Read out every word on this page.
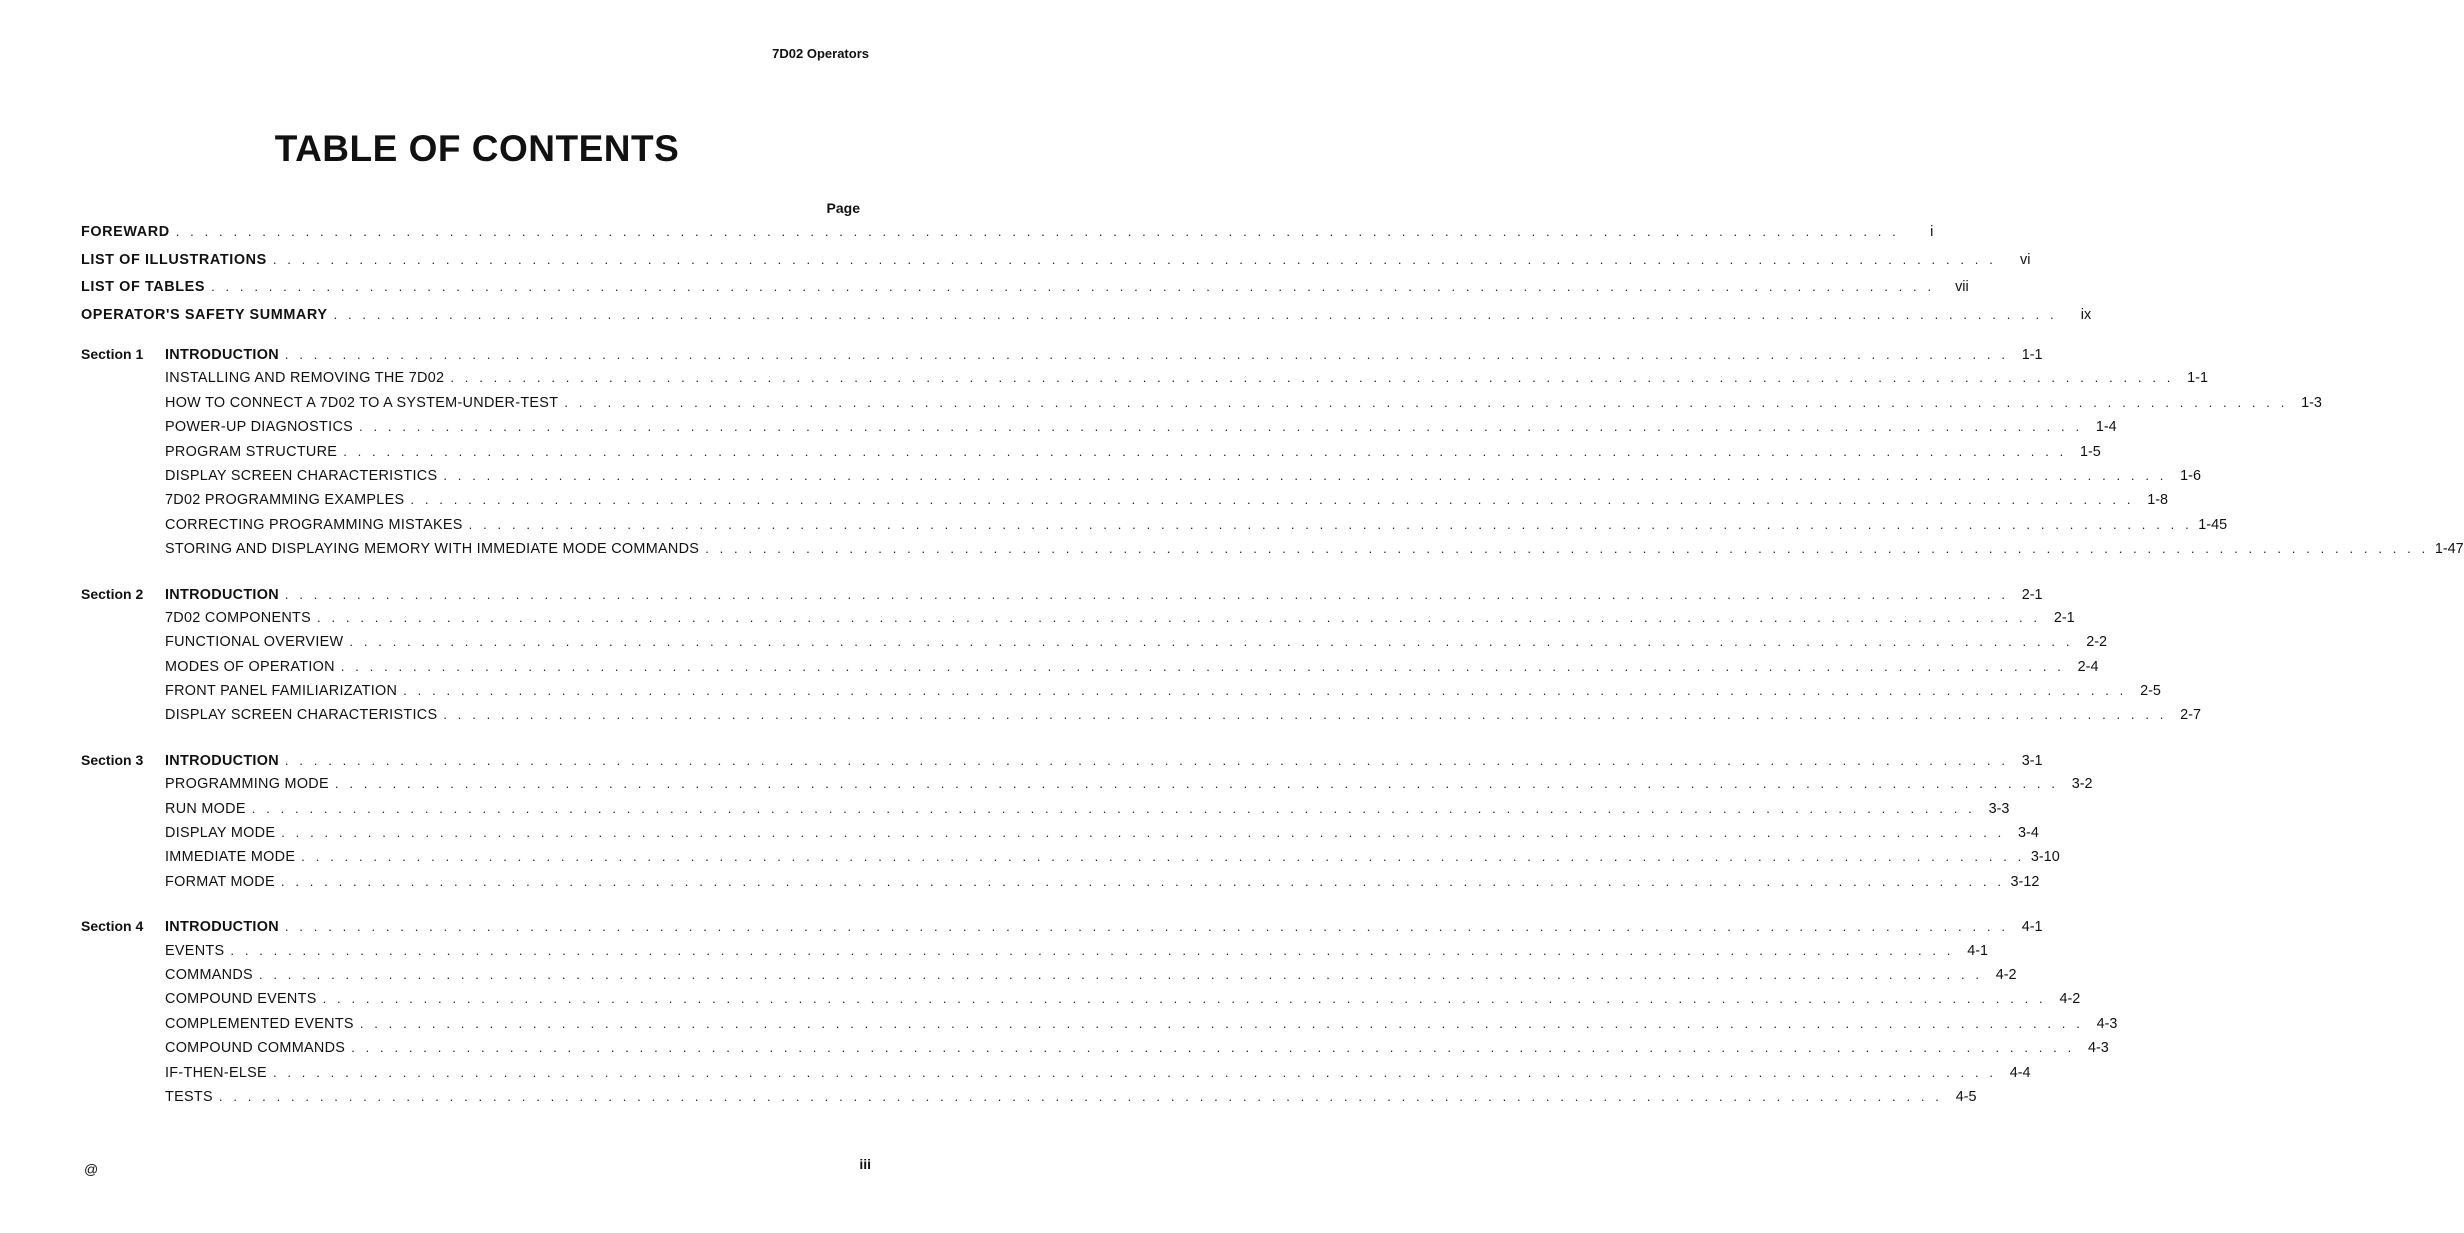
7D02 Operators
TABLE OF CONTENTS
Page
FOREWARD . . . . . . . . . . . . . . . . . . . . . . . . . . . . . . . . . . . . . . . . . . . . . . . . . . . . . . . . . . . . . . . . . . . . . . . . . . . . . . . . . . . . . . . . . . . . . . . . . . . . . . . . . . . . . . . . . . . . . . . .	i
LIST OF ILLUSTRATIONS . . . . . . . . . . . . . . . . . . . . . . . . . . . . . . . . . . . . . . . . . . . . . . . . . . . . . . . . . . . . . . . . . . . . . . . . . . . . . . . . . . . . . . . . . . . . . . . . . . . . . . . . . . . . . . . . . . . . . . . .	vi
LIST OF TABLES . . . . . . . . . . . . . . . . . . . . . . . . . . . . . . . . . . . . . . . . . . . . . . . . . . . . . . . . . . . . . . . . . . . . . . . . . . . . . . . . . . . . . . . . . . . . . . . . . . . . . . . . . . . . . . . . . . . . . . . .	vii
OPERATOR'S SAFETY SUMMARY . . . . . . . . . . . . . . . . . . . . . . . . . . . . . . . . . . . . . . . . . . . . . . . . . . . . . . . . . . . . . . . . . . . . . . . . . . . . . . . . . . . . . . . . . . . . . . . . . . . . . . . . . . . . . . . . . . . . . . . .	ix
Section 1	INTRODUCTION . . . . . . . . . . . . . . . . . . . . . . . . . . . . . . . . . . . . . . . . . . . . . . . . . . . . . . . . . . . . . . . . . . . . . . . . . . . . . . . . . . . . . . . . . . . . . . . . . . . . . . . . . . . . . . . . . . . . . . . . 1-1
INSTALLING AND REMOVING THE 7D02 . . . . . . . . . . . . . . . . . . . . . . . . . . . . . . . . . . . . . . . . . . . . . . . . . . . . . . . . . . . . . . . . . . . . . . . . . . . . . . . . . . . . . . . . . . . . . . . . . . . . . . . . . . . . . . . . . . . . . . . . 1-1
HOW TO CONNECT A 7D02 TO A SYSTEM-UNDER-TEST . . . . . . . . . . . . . . . . . . . . . . . . . . . . . . . . . . . . . . . . . . . . . . . . . . . . . . . . . . . . . . . . . . . . . . . . . . . . . . . . . . . . . . . . . . . . . . . . . . . . . . . . . . . . . . . . . . . . . . . . 1-3
POWER-UP DIAGNOSTICS . . . . . . . . . . . . . . . . . . . . . . . . . . . . . . . . . . . . . . . . . . . . . . . . . . . . . . . . . . . . . . . . . . . . . . . . . . . . . . . . . . . . . . . . . . . . . . . . . . . . . . . . . . . . . . . . . . . . . . . . 1-4
PROGRAM STRUCTURE . . . . . . . . . . . . . . . . . . . . . . . . . . . . . . . . . . . . . . . . . . . . . . . . . . . . . . . . . . . . . . . . . . . . . . . . . . . . . . . . . . . . . . . . . . . . . . . . . . . . . . . . . . . . . . . . . . . . . . . . 1-5
DISPLAY SCREEN CHARACTERISTICS . . . . . . . . . . . . . . . . . . . . . . . . . . . . . . . . . . . . . . . . . . . . . . . . . . . . . . . . . . . . . . . . . . . . . . . . . . . . . . . . . . . . . . . . . . . . . . . . . . . . . . . . . . . . . . . . . . . . . . . . 1-6
7D02 PROGRAMMING EXAMPLES . . . . . . . . . . . . . . . . . . . . . . . . . . . . . . . . . . . . . . . . . . . . . . . . . . . . . . . . . . . . . . . . . . . . . . . . . . . . . . . . . . . . . . . . . . . . . . . . . . . . . . . . . . . . . . . . . . . . . . . . 1-8
CORRECTING PROGRAMMING MISTAKES . . . . . . . . . . . . . . . . . . . . . . . . . . . . . . . . . . . . . . . . . . . . . . . . . . . . . . . . . . . . . . . . . . . . . . . . . . . . . . . . . . . . . . . . . . . . . . . . . . . . . . . . . . . . . . . . . . . . . . . . 1-45
STORING AND DISPLAYING MEMORY WITH IMMEDIATE MODE COMMANDS . . . . . . . . . . . . . . . . . . . . . . . . . . . . . . . . . . . . . . . . . . . . . . . . . . . . . . . . . . . . . . . . . . . . . . . . . . . . . . . . . . . . . . . . . . . . . . . . . . . . . . . . . . . . . . . . . . . . . . . . 1-47
Section 2	INTRODUCTION . . . . . . . . . . . . . . . . . . . . . . . . . . . . . . . . . . . . . . . . . . . . . . . . . . . . . . . . . . . . . . . . . . . . . . . . . . . . . . . . . . . . . . . . . . . . . . . . . . . . . . . . . . . . . . . . . . . . . . . . 2-1
7D02 COMPONENTS . . . . . . . . . . . . . . . . . . . . . . . . . . . . . . . . . . . . . . . . . . . . . . . . . . . . . . . . . . . . . . . . . . . . . . . . . . . . . . . . . . . . . . . . . . . . . . . . . . . . . . . . . . . . . . . . . . . . . . . . 2-1
FUNCTIONAL OVERVIEW . . . . . . . . . . . . . . . . . . . . . . . . . . . . . . . . . . . . . . . . . . . . . . . . . . . . . . . . . . . . . . . . . . . . . . . . . . . . . . . . . . . . . . . . . . . . . . . . . . . . . . . . . . . . . . . . . . . . . . . . 2-2
MODES OF OPERATION . . . . . . . . . . . . . . . . . . . . . . . . . . . . . . . . . . . . . . . . . . . . . . . . . . . . . . . . . . . . . . . . . . . . . . . . . . . . . . . . . . . . . . . . . . . . . . . . . . . . . . . . . . . . . . . . . . . . . . . . 2-4
FRONT PANEL FAMILIARIZATION . . . . . . . . . . . . . . . . . . . . . . . . . . . . . . . . . . . . . . . . . . . . . . . . . . . . . . . . . . . . . . . . . . . . . . . . . . . . . . . . . . . . . . . . . . . . . . . . . . . . . . . . . . . . . . . . . . . . . . . . 2-5
DISPLAY SCREEN CHARACTERISTICS . . . . . . . . . . . . . . . . . . . . . . . . . . . . . . . . . . . . . . . . . . . . . . . . . . . . . . . . . . . . . . . . . . . . . . . . . . . . . . . . . . . . . . . . . . . . . . . . . . . . . . . . . . . . . . . . . . . . . . . . 2-7
Section 3	INTRODUCTION . . . . . . . . . . . . . . . . . . . . . . . . . . . . . . . . . . . . . . . . . . . . . . . . . . . . . . . . . . . . . . . . . . . . . . . . . . . . . . . . . . . . . . . . . . . . . . . . . . . . . . . . . . . . . . . . . . . . . . . . 3-1
PROGRAMMING MODE . . . . . . . . . . . . . . . . . . . . . . . . . . . . . . . . . . . . . . . . . . . . . . . . . . . . . . . . . . . . . . . . . . . . . . . . . . . . . . . . . . . . . . . . . . . . . . . . . . . . . . . . . . . . . . . . . . . . . . . . 3-2
RUN MODE . . . . . . . . . . . . . . . . . . . . . . . . . . . . . . . . . . . . . . . . . . . . . . . . . . . . . . . . . . . . . . . . . . . . . . . . . . . . . . . . . . . . . . . . . . . . . . . . . . . . . . . . . . . . . . . . . . . . . . . . 3-3
DISPLAY MODE . . . . . . . . . . . . . . . . . . . . . . . . . . . . . . . . . . . . . . . . . . . . . . . . . . . . . . . . . . . . . . . . . . . . . . . . . . . . . . . . . . . . . . . . . . . . . . . . . . . . . . . . . . . . . . . . . . . . . . . . 3-4
IMMEDIATE MODE . . . . . . . . . . . . . . . . . . . . . . . . . . . . . . . . . . . . . . . . . . . . . . . . . . . . . . . . . . . . . . . . . . . . . . . . . . . . . . . . . . . . . . . . . . . . . . . . . . . . . . . . . . . . . . . . . . . . . . . . 3-10
FORMAT MODE . . . . . . . . . . . . . . . . . . . . . . . . . . . . . . . . . . . . . . . . . . . . . . . . . . . . . . . . . . . . . . . . . . . . . . . . . . . . . . . . . . . . . . . . . . . . . . . . . . . . . . . . . . . . . . . . . . . . . . . . 3-12
Section 4	INTRODUCTION . . . . . . . . . . . . . . . . . . . . . . . . . . . . . . . . . . . . . . . . . . . . . . . . . . . . . . . . . . . . . . . . . . . . . . . . . . . . . . . . . . . . . . . . . . . . . . . . . . . . . . . . . . . . . . . . . . . . . . . . 4-1
EVENTS . . . . . . . . . . . . . . . . . . . . . . . . . . . . . . . . . . . . . . . . . . . . . . . . . . . . . . . . . . . . . . . . . . . . . . . . . . . . . . . . . . . . . . . . . . . . . . . . . . . . . . . . . . . . . . . . . . . . . . . . 4-1
COMMANDS . . . . . . . . . . . . . . . . . . . . . . . . . . . . . . . . . . . . . . . . . . . . . . . . . . . . . . . . . . . . . . . . . . . . . . . . . . . . . . . . . . . . . . . . . . . . . . . . . . . . . . . . . . . . . . . . . . . . . . . . 4-2
COMPOUND EVENTS . . . . . . . . . . . . . . . . . . . . . . . . . . . . . . . . . . . . . . . . . . . . . . . . . . . . . . . . . . . . . . . . . . . . . . . . . . . . . . . . . . . . . . . . . . . . . . . . . . . . . . . . . . . . . . . . . . . . . . . . 4-2
COMPLEMENTED EVENTS . . . . . . . . . . . . . . . . . . . . . . . . . . . . . . . . . . . . . . . . . . . . . . . . . . . . . . . . . . . . . . . . . . . . . . . . . . . . . . . . . . . . . . . . . . . . . . . . . . . . . . . . . . . . . . . . . . . . . . . . 4-3
COMPOUND COMMANDS . . . . . . . . . . . . . . . . . . . . . . . . . . . . . . . . . . . . . . . . . . . . . . . . . . . . . . . . . . . . . . . . . . . . . . . . . . . . . . . . . . . . . . . . . . . . . . . . . . . . . . . . . . . . . . . . . . . . . . . . 4-3
IF-THEN-ELSE . . . . . . . . . . . . . . . . . . . . . . . . . . . . . . . . . . . . . . . . . . . . . . . . . . . . . . . . . . . . . . . . . . . . . . . . . . . . . . . . . . . . . . . . . . . . . . . . . . . . . . . . . . . . . . . . . . . . . . . . 4-4
TESTS . . . . . . . . . . . . . . . . . . . . . . . . . . . . . . . . . . . . . . . . . . . . . . . . . . . . . . . . . . . . . . . . . . . . . . . . . . . . . . . . . . . . . . . . . . . . . . . . . . . . . . . . . . . . . . . . . . . . . . . . 4-5
@	iii
